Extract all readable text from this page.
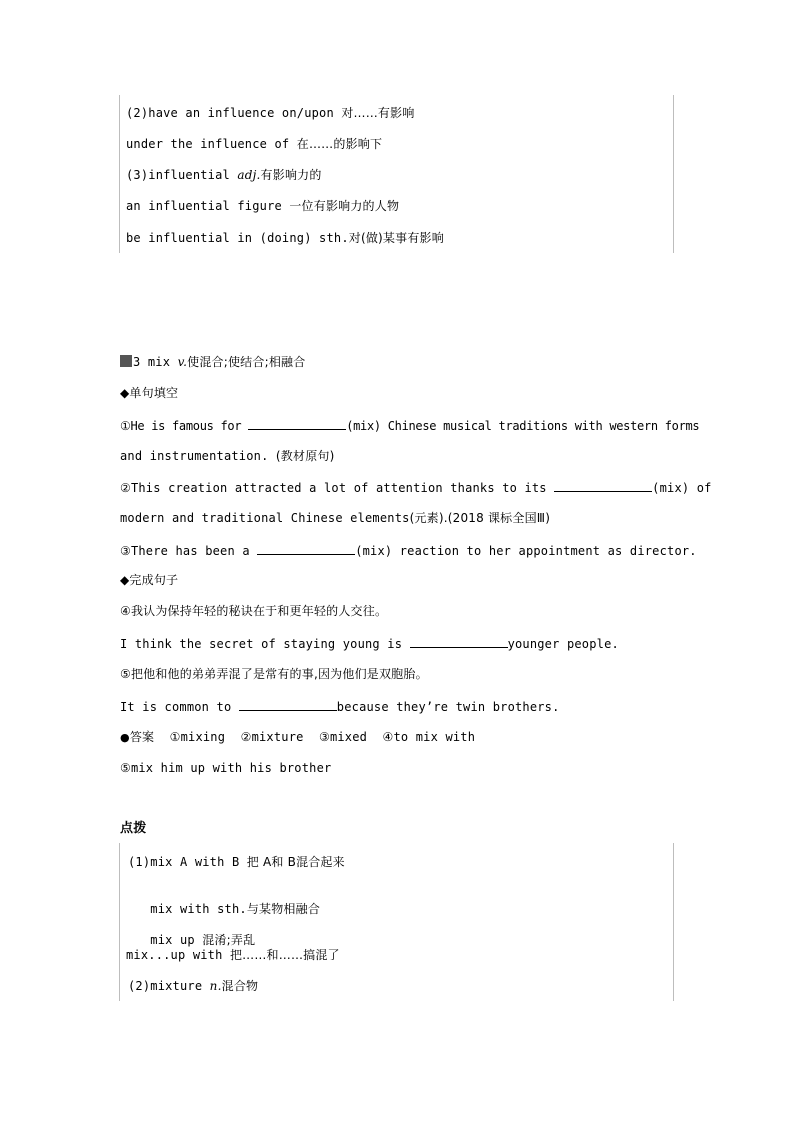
(2)have an influence on/upon 对……有影响
under the influence of 在……的影响下
(3)influential adj.有影响力的
an influential figure 一位有影响力的人物
be influential in (doing) sth.对(做)某事有影响
3 mix v.使混合;使结合;相融合
◆单句填空
①He is famous for	(mix) Chinese musical traditions with western forms
and instrumentation. (教材原句)
②This creation attracted a lot of attention thanks to its	(mix) of
modern and traditional Chinese elements(元素).(2018 课标全国Ⅲ)
③There has been a	(mix) reaction to her appointment as director.
◆完成句子
④我认为保持年轻的秘诀在于和更年轻的人交往。
I think the secret of staying young is	younger people.
⑤把他和他的弟弟弄混了是常有的事,因为他们是双胞胎。
It is common to	because they’re twin brothers.
●答案 ①mixing ②mixture ③mixed ④to mix with
⑤mix him up with his brother
点拨
(1)mix A with B 把 A和 B混合起来

mix with sth.与某物相融合

mix up 混淆;弄乱

mix...up with 把……和……搞混了
(2)mixture n.混合物
